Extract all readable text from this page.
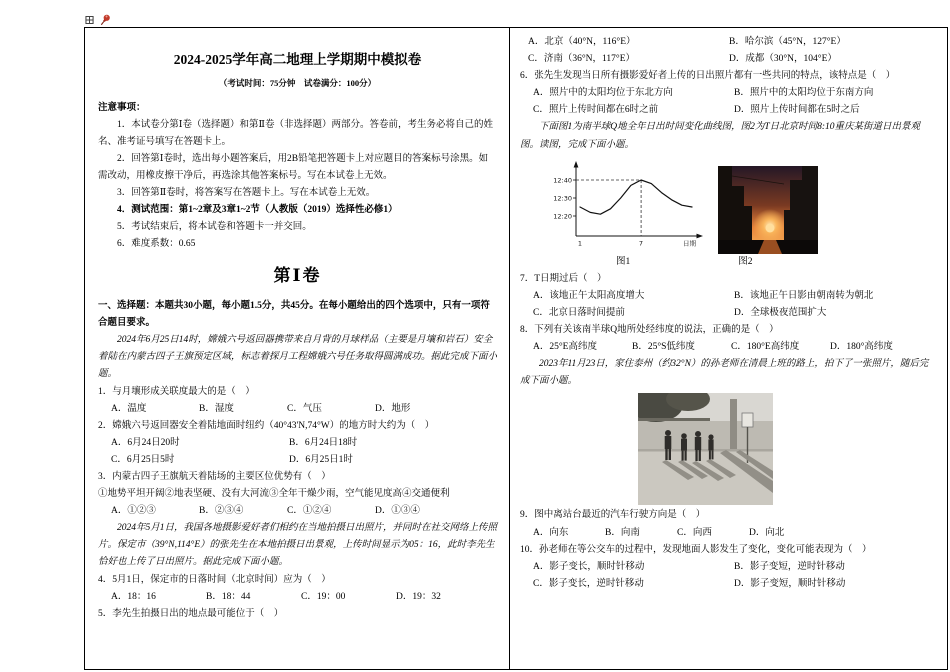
⊞
2024-2025学年高二地理上学期期中模拟卷
（考试时间：75分钟　试卷满分：100分）

注意事项：

1．本试卷分第Ⅰ卷（选择题）和第Ⅱ卷（非选择题）两部分。答卷前，考生务必将自己的姓名、准考证号填写在答题卡上。

2．回答第Ⅰ卷时，选出每小题答案后，用2B铅笔把答题卡上对应题目的答案标号涂黑。如需改动，用橡皮擦干净后，再选涂其他答案标号。写在本试卷上无效。

3．回答第Ⅱ卷时，将答案写在答题卡上。写在本试卷上无效。

4．测试范围：第1~2章及3章1~2节（人教版（2019）选择性必修1）

5．考试结束后，将本试卷和答题卡一并交回。

6．难度系数：0.65

第Ⅰ卷

一、选择题：本题共30小题，每小题1.5分，共45分。在每小题给出的四个选项中，只有一项符合题目要求。

2024年6月25日14时，嫦娥六号返回器携带来自月背的月球样品（主要是月壤和岩石）安全着陆在内蒙古四子王旗预定区域，标志着探月工程嫦娥六号任务取得圆满成功。据此完成下面小题。

1．与月壤形成关联度最大的是（　）

A．温度	B．湿度	C．气压	D．地形

2．嫦娥六号返回器安全着陆地面时纽约（40°43'N,74°W）的地方时大约为（　）

A．6月24日20时	B．6月24日18时
C．6月25日5时	D．6月25日1时

3．内蒙古四子王旗航天着陆场的主要区位优势有（　）

①地势平坦开阔②地表坚硬、没有大河流③全年干燥少雨，空气能见度高④交通便利

A．①②③	B．②③④	C．①②④	D．①③④

2024年5月1日，我国各地摄影爱好者们相约在当地拍摄日出照片，并同时在社交网络上传照片。保定市（39°N,114°E）的张先生在本地拍摄日出景观，上传时间显示为05：16，此时李先生恰好也上传了日出照片。据此完成下面小题。

4．5月1日，保定市的日落时间（北京时间）应为（　）

A．18：16	B．18：44	C．19：00	D．19：32

5．李先生拍摄日出的地点最可能位于（　）

A．北京（40°N，116°E）	B．哈尔滨（45°N，127°E）
C．济南（36°N，117°E）	D．成都（30°N，104°E）

6．张先生发现当日所有摄影爱好者上传的日出照片都有一些共同的特点，该特点是（　）

A．照片中的太阳均位于东北方向	B．照片中的太阳均位于东南方向
C．照片上传时间都在6时之前	D．照片上传时间都在5时之后

下面图1为南半球Q地全年日出时间变化曲线图，图2为T日北京时间8:10重庆某街道日出景观图。读图，完成下面小题。

12:40
12:30
12:20
1	7	日期
图1	图2

7．T日期过后（　）

A．该地正午太阳高度增大	B．该地正午日影由朝南转为朝北
C．北京日落时间提前	D．全球极夜范围扩大

8．下列有关该南半球Q地所处经纬度的说法，正确的是（　）

A．25°E高纬度	B．25°S低纬度	C．180°E高纬度	D．180°高纬度

2023年11月23日，家住泰州（约32°N）的孙老师在清晨上班的路上，拍下了一张照片，随后完成下面小题。

9．图中离站台最近的汽车行驶方向是（　）

A．向东	B．向南	C．向西	D．向北

10．孙老师在等公交车的过程中，发现地面人影发生了变化，变化可能表现为（　）

A．影子变长，顺时针移动	B．影子变短，逆时针移动
C．影子变长，逆时针移动	D．影子变短，顺时针移动
